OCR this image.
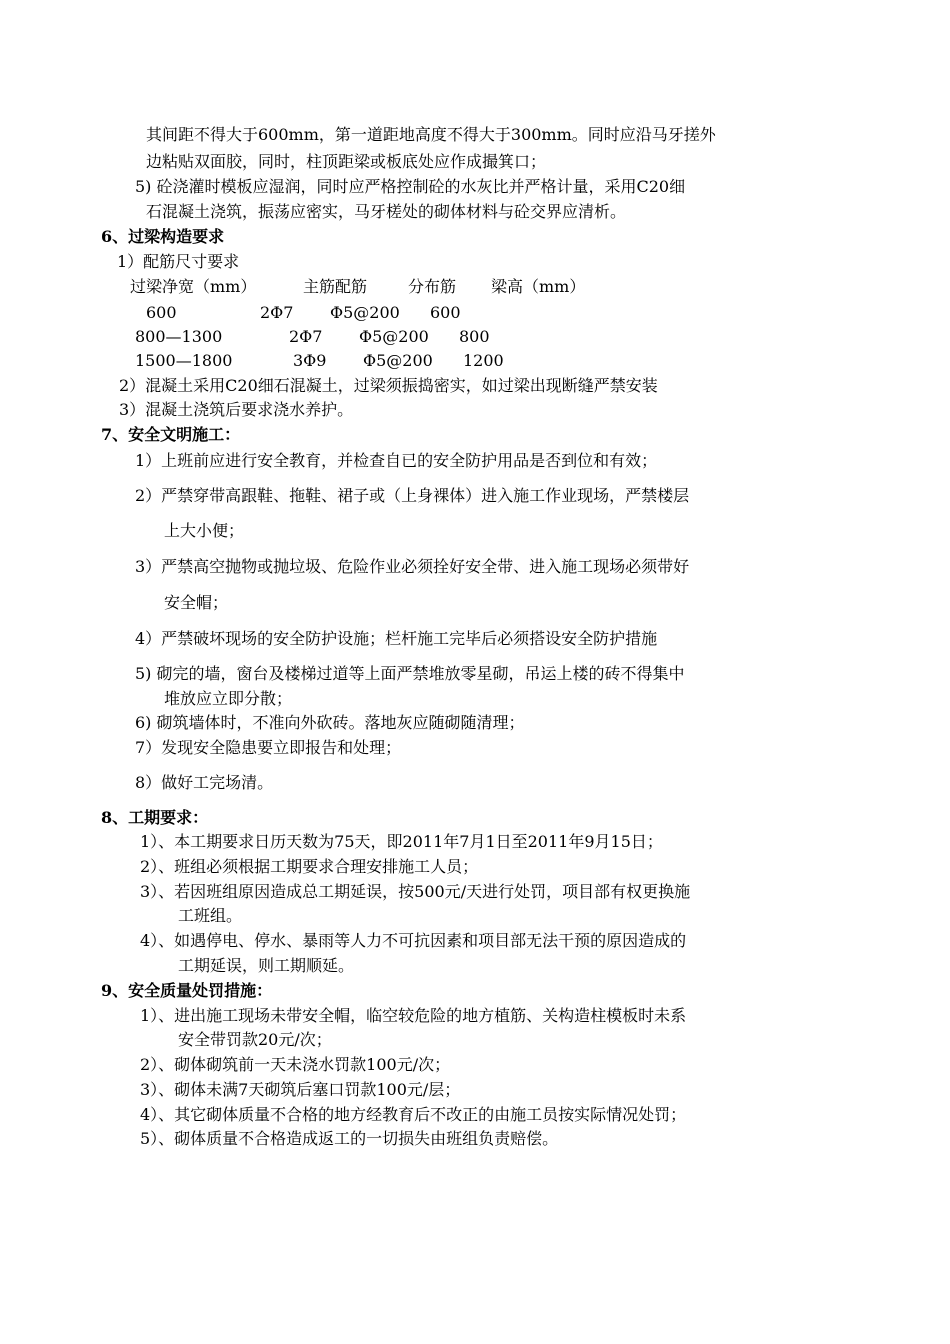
其间距不得大于600mm，第一道距地高度不得大于300mm。同时应沿马牙搓外
边粘贴双面胶，同时，柱顶距梁或板底处应作成撮箕口；
5) 砼浇灌时模板应湿润，同时应严格控制砼的水灰比并严格计量，采用C20细
石混凝土浇筑，振荡应密实，马牙槎处的砌体材料与砼交界应清析。
6、过梁构造要求
1）配筋尺寸要求
过梁净宽（mm）	主筋配筋	分布筋 梁高（mm）
600	2Φ7 Φ5@200 600
800—1300	2Φ7 Φ5@200 800
1500—1800	3Φ9 Φ5@200 1200
2）混凝土采用C20细石混凝土，过梁须振捣密实，如过梁出现断缝严禁安装
3）混凝土浇筑后要求浇水养护。
7、安全文明施工：
1）上班前应进行安全教育，并检查自已的安全防护用品是否到位和有效；
2）严禁穿带高跟鞋、拖鞋、裙子或（上身裸体）进入施工作业现场，严禁楼层
上大小便；
3）严禁高空抛物或抛垃圾、危险作业必须拴好安全带、进入施工现场必须带好
安全帽；
4）严禁破坏现场的安全防护设施；栏杆施工完毕后必须搭设安全防护措施
5) 砌完的墙，窗台及楼梯过道等上面严禁堆放零星砌，吊运上楼的砖不得集中
堆放应立即分散；
6) 砌筑墙体时，不准向外砍砖。落地灰应随砌随清理；
7）发现安全隐患要立即报告和处理；
8）做好工完场清。
8、工期要求：
1）、本工期要求日历天数为75天，即2011年7月1日至2011年9月15日；
2）、班组必须根据工期要求合理安排施工人员；
3）、若因班组原因造成总工期延误，按500元/天进行处罚，项目部有权更换施
工班组。
4）、如遇停电、停水、暴雨等人力不可抗因素和项目部无法干预的原因造成的
工期延误，则工期顺延。
9、安全质量处罚措施：
1）、进出施工现场未带安全帽，临空较危险的地方植筋、关构造柱模板时未系
安全带罚款20元/次；
2）、砌体砌筑前一天未浇水罚款100元/次；
3）、砌体未满7天砌筑后塞口罚款100元/层；
4）、其它砌体质量不合格的地方经教育后不改正的由施工员按实际情况处罚；
5）、砌体质量不合格造成返工的一切损失由班组负责赔偿。
